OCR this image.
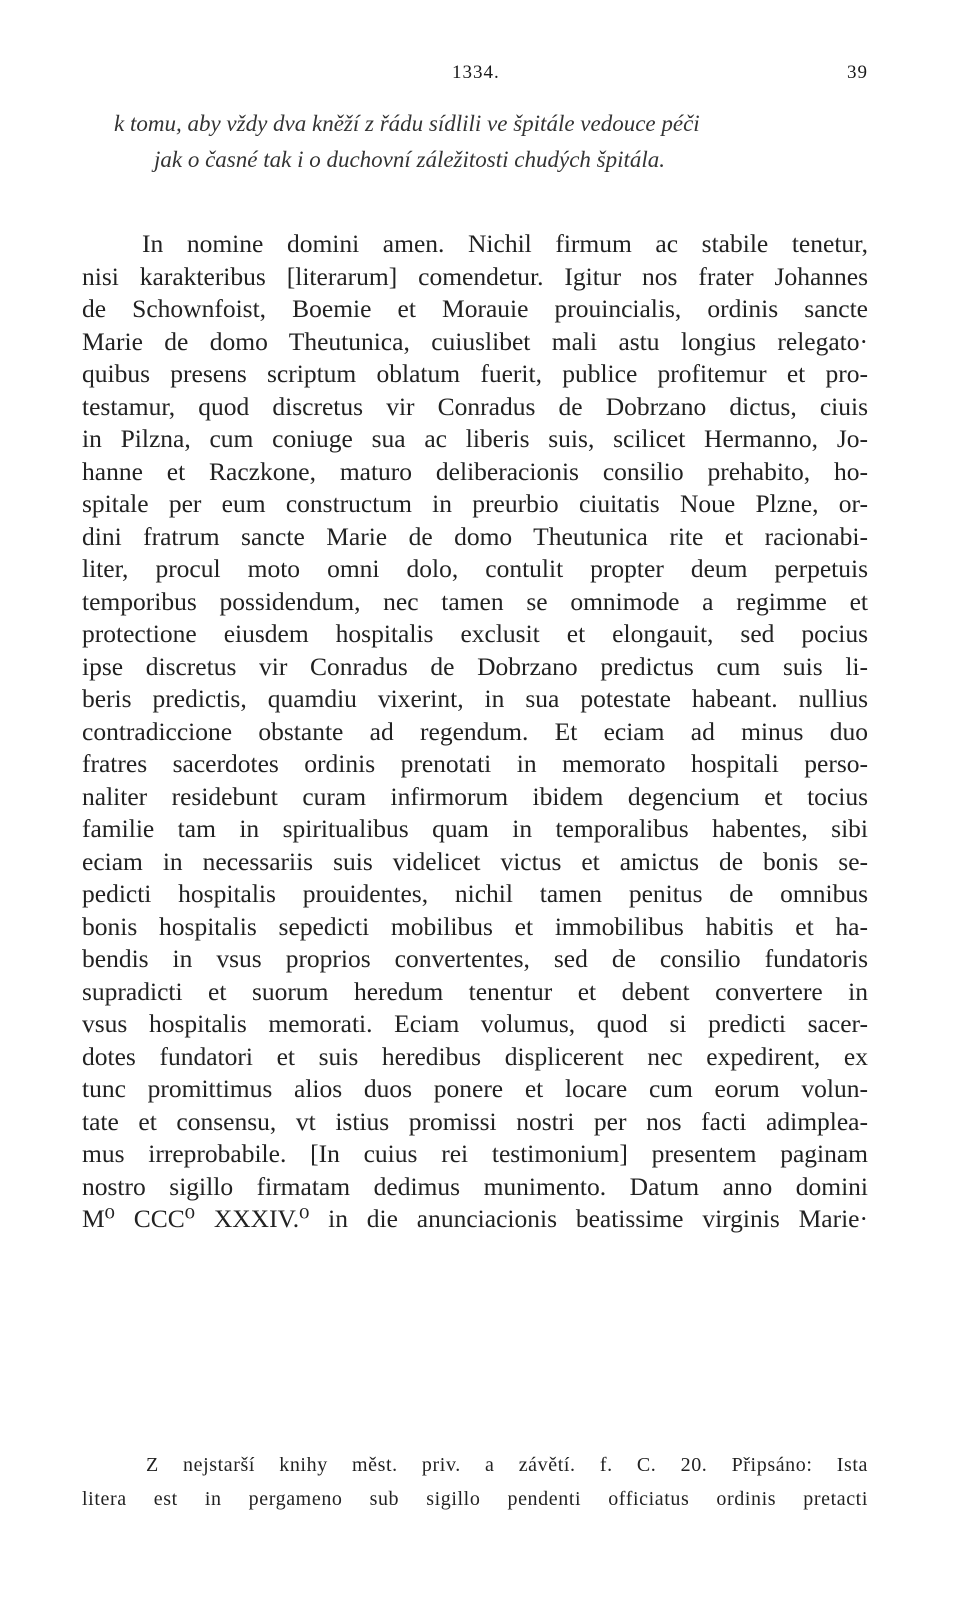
1334.	39
k tomu, aby vždy dva kněží z řádu sídlili ve špitále vedouce péči
jak o časné tak i o duchovní záležitosti chudých špitála.
In nomine domini amen. Nichil firmum ac stabile tenetur,
nisi karakteribus [literarum] comendetur. Igitur nos frater Johannes
de Schownfoist, Boemie et Morauie prouincialis, ordinis sancte
Marie de domo Theutunica, cuiuslibet mali astu longius relegato·
quibus presens scriptum oblatum fuerit, publice profitemur et pro-
testamur, quod discretus vir Conradus de Dobrzano dictus, ciuis
in Pilzna, cum coniuge sua ac liberis suis, scilicet Hermanno, Jo-
hanne et Raczkone, maturo deliberacionis consilio prehabito, ho-
spitale per eum constructum in preurbio ciuitatis Noue Plzne, or-
dini fratrum sancte Marie de domo Theutunica rite et racionabi-
liter, procul moto omni dolo, contulit propter deum perpetuis
temporibus possidendum, nec tamen se omnimode a regimme et
protectione eiusdem hospitalis exclusit et elongauit, sed pocius
ipse discretus vir Conradus de Dobrzano predictus cum suis li-
beris predictis, quamdiu vixerint, in sua potestate habeant. nullius
contradiccione obstante ad regendum. Et eciam ad minus duo
fratres sacerdotes ordinis prenotati in memorato hospitali perso-
naliter residebunt curam infirmorum ibidem degencium et tocius
familie tam in spiritualibus quam in temporalibus habentes, sibi
eciam in necessariis suis videlicet victus et amictus de bonis se-
pedicti hospitalis prouidentes, nichil tamen penitus de omnibus
bonis hospitalis sepedicti mobilibus et immobilibus habitis et ha-
bendis in vsus proprios convertentes, sed de consilio fundatoris
supradicti et suorum heredum tenentur et debent convertere in
vsus hospitalis memorati. Eciam volumus, quod si predicti sacer-
dotes fundatori et suis heredibus displicerent nec expedirent, ex
tunc promittimus alios duos ponere et locare cum eorum volun-
tate et consensu, vt istius promissi nostri per nos facti adimplea-
mus irreprobabile. [In cuius rei testimonium] presentem paginam
nostro sigillo firmatam dedimus munimento. Datum anno domini
M⁰ CCC⁰ XXXIV.⁰ in die anunciacionis beatissime virginis Marie·
Z nejstarší knihy měst. priv. a závětí. f. C. 20. Připsáno: Ista
litera est in pergameno sub sigillo pendenti officiatus ordinis pretacti
